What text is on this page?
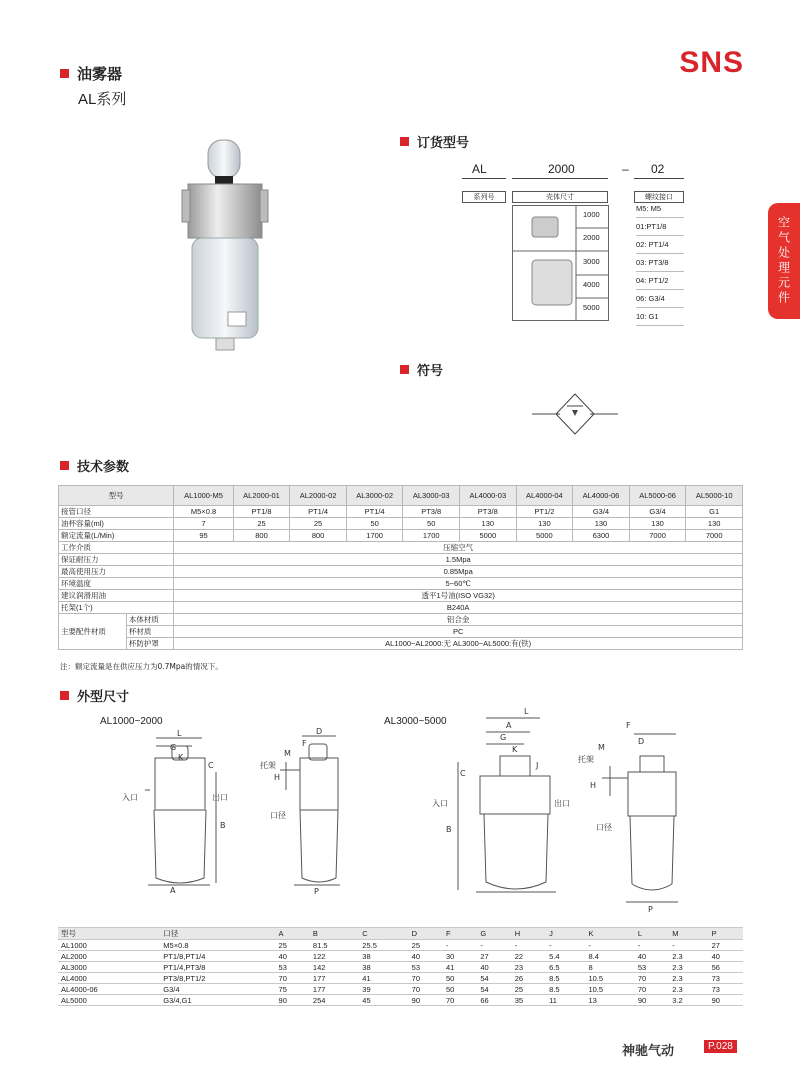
油雾器
AL系列
SNS
空气处理元件
订货型号
AL	2000	– 02
系列号	壳体尺寸	螺纹接口
1000
2000
3000
4000
5000
M5: M5
01:PT1/8
02: PT1/4
03: PT3/8
04: PT1/2
06: G3/4
10: G1
符号
技术参数
型号		AL1000-M5	AL2000-01	AL2000-02	AL3000-02	AL3000-03	AL4000-03	AL4000-04	AL4000-06	AL5000-06	AL5000-10
接管口径		M5×0.8	PT1/8	PT1/4	PT1/4	PT3/8	PT3/8	PT1/2	G3/4	G3/4	G1
油杯容量(ml)		7	25	25	50	50	130	130	130	130	130
额定流量(L/Min)		95	800	800	1700	1700	5000	5000	6300	7000	7000
工作介质		压缩空气									
保证耐压力		1.5Mpa									
最高使用压力		0.85Mpa									
环境温度		5~60℃									
建议润滑用油		透平1号油(ISO VG32)									
托架(1个)		B240A									
主要配件材质	本体材质	铝合金									
	杯材质	PC									
	杯防护罩	AL1000~AL2000:无 AL3000~AL5000:有(铁)									
注：额定流量是在供应压力为0.7Mpa的情况下。
外型尺寸
AL1000~2000	AL3000~5000
L
G
K
A
B
C
入口	出口
D
F
M
H
托架
口径
P
L
A
G
K
J
C
B
入口	出口
F
D
M
托架
H
口径
P
型号	口径	A	B	C	D	F	G	H	J	K	L	M	P
AL1000	M5×0.8	25	81.5	25.5	25	-	-	-	-	-	-	-	27
AL2000	PT1/8,PT1/4	40	122	38	40	30	27	22	5.4	8.4	40	2.3	40
AL3000	PT1/4,PT3/8	53	142	38	53	41	40	23	6.5	8	53	2.3	56
AL4000	PT3/8,PT1/2	70	177	41	70	50	54	26	8.5	10.5	70	2.3	73
AL4000-06	G3/4	75	177	39	70	50	54	25	8.5	10.5	70	2.3	73
AL5000	G3/4,G1	90	254	45	90	70	66	35	11	13	90	3.2	90
神驰气动	P.028
